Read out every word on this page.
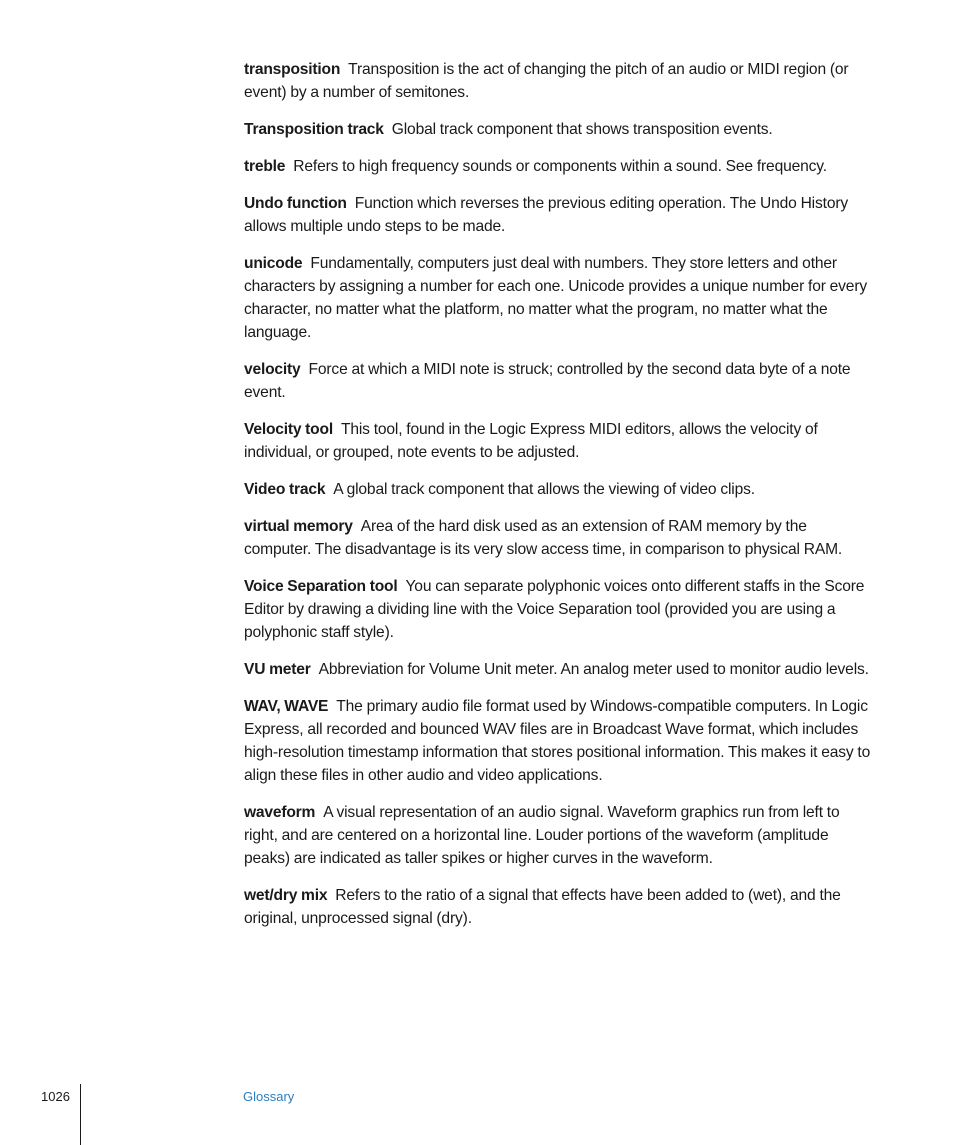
transposition Transposition is the act of changing the pitch of an audio or MIDI region (or event) by a number of semitones.

Transposition track Global track component that shows transposition events.

treble Refers to high frequency sounds or components within a sound. See frequency.

Undo function Function which reverses the previous editing operation. The Undo History allows multiple undo steps to be made.

unicode Fundamentally, computers just deal with numbers. They store letters and other characters by assigning a number for each one. Unicode provides a unique number for every character, no matter what the platform, no matter what the program, no matter what the language.

velocity Force at which a MIDI note is struck; controlled by the second data byte of a note event.

Velocity tool This tool, found in the Logic Express MIDI editors, allows the velocity of individual, or grouped, note events to be adjusted.

Video track A global track component that allows the viewing of video clips.

virtual memory Area of the hard disk used as an extension of RAM memory by the computer. The disadvantage is its very slow access time, in comparison to physical RAM.

Voice Separation tool You can separate polyphonic voices onto different staffs in the Score Editor by drawing a dividing line with the Voice Separation tool (provided you are using a polyphonic staff style).

VU meter Abbreviation for Volume Unit meter. An analog meter used to monitor audio levels.

WAV, WAVE The primary audio file format used by Windows-compatible computers. In Logic Express, all recorded and bounced WAV files are in Broadcast Wave format, which includes high-resolution timestamp information that stores positional information. This makes it easy to align these files in other audio and video applications.

waveform A visual representation of an audio signal. Waveform graphics run from left to right, and are centered on a horizontal line. Louder portions of the waveform (amplitude peaks) are indicated as taller spikes or higher curves in the waveform.

wet/dry mix Refers to the ratio of a signal that effects have been added to (wet), and the original, unprocessed signal (dry).

1026	Glossary
